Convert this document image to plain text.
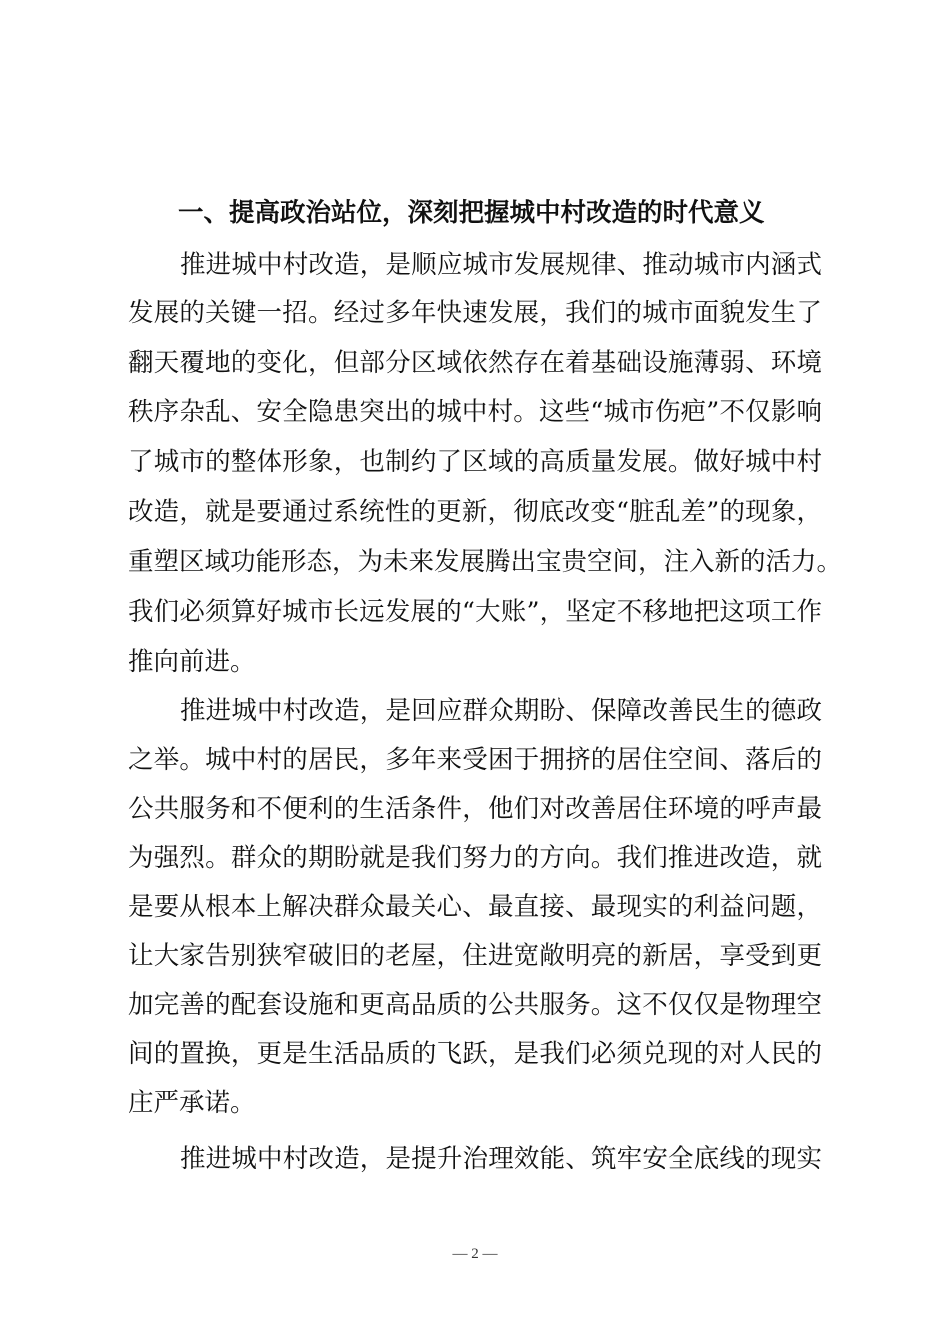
一、提高政治站位，深刻把握城中村改造的时代意义
推进城中村改造，是顺应城市发展规律、推动城市内涵式
发展的关键一招。经过多年快速发展，我们的城市面貌发生了
翻天覆地的变化，但部分区域依然存在着基础设施薄弱、环境
秩序杂乱、安全隐患突出的城中村。这些“城市伤疤”不仅影响
了城市的整体形象，也制约了区域的高质量发展。做好城中村
改造，就是要通过系统性的更新，彻底改变“脏乱差”的现象，
重塑区域功能形态，为未来发展腾出宝贵空间，注入新的活力。
我们必须算好城市长远发展的“大账”，坚定不移地把这项工作
推向前进。
推进城中村改造，是回应群众期盼、保障改善民生的德政
之举。城中村的居民，多年来受困于拥挤的居住空间、落后的
公共服务和不便利的生活条件，他们对改善居住环境的呼声最
为强烈。群众的期盼就是我们努力的方向。我们推进改造，就
是要从根本上解决群众最关心、最直接、最现实的利益问题，
让大家告别狭窄破旧的老屋，住进宽敞明亮的新居，享受到更
加完善的配套设施和更高品质的公共服务。这不仅仅是物理空
间的置换，更是生活品质的飞跃，是我们必须兑现的对人民的
庄严承诺。
推进城中村改造，是提升治理效能、筑牢安全底线的现实
— 2 —
